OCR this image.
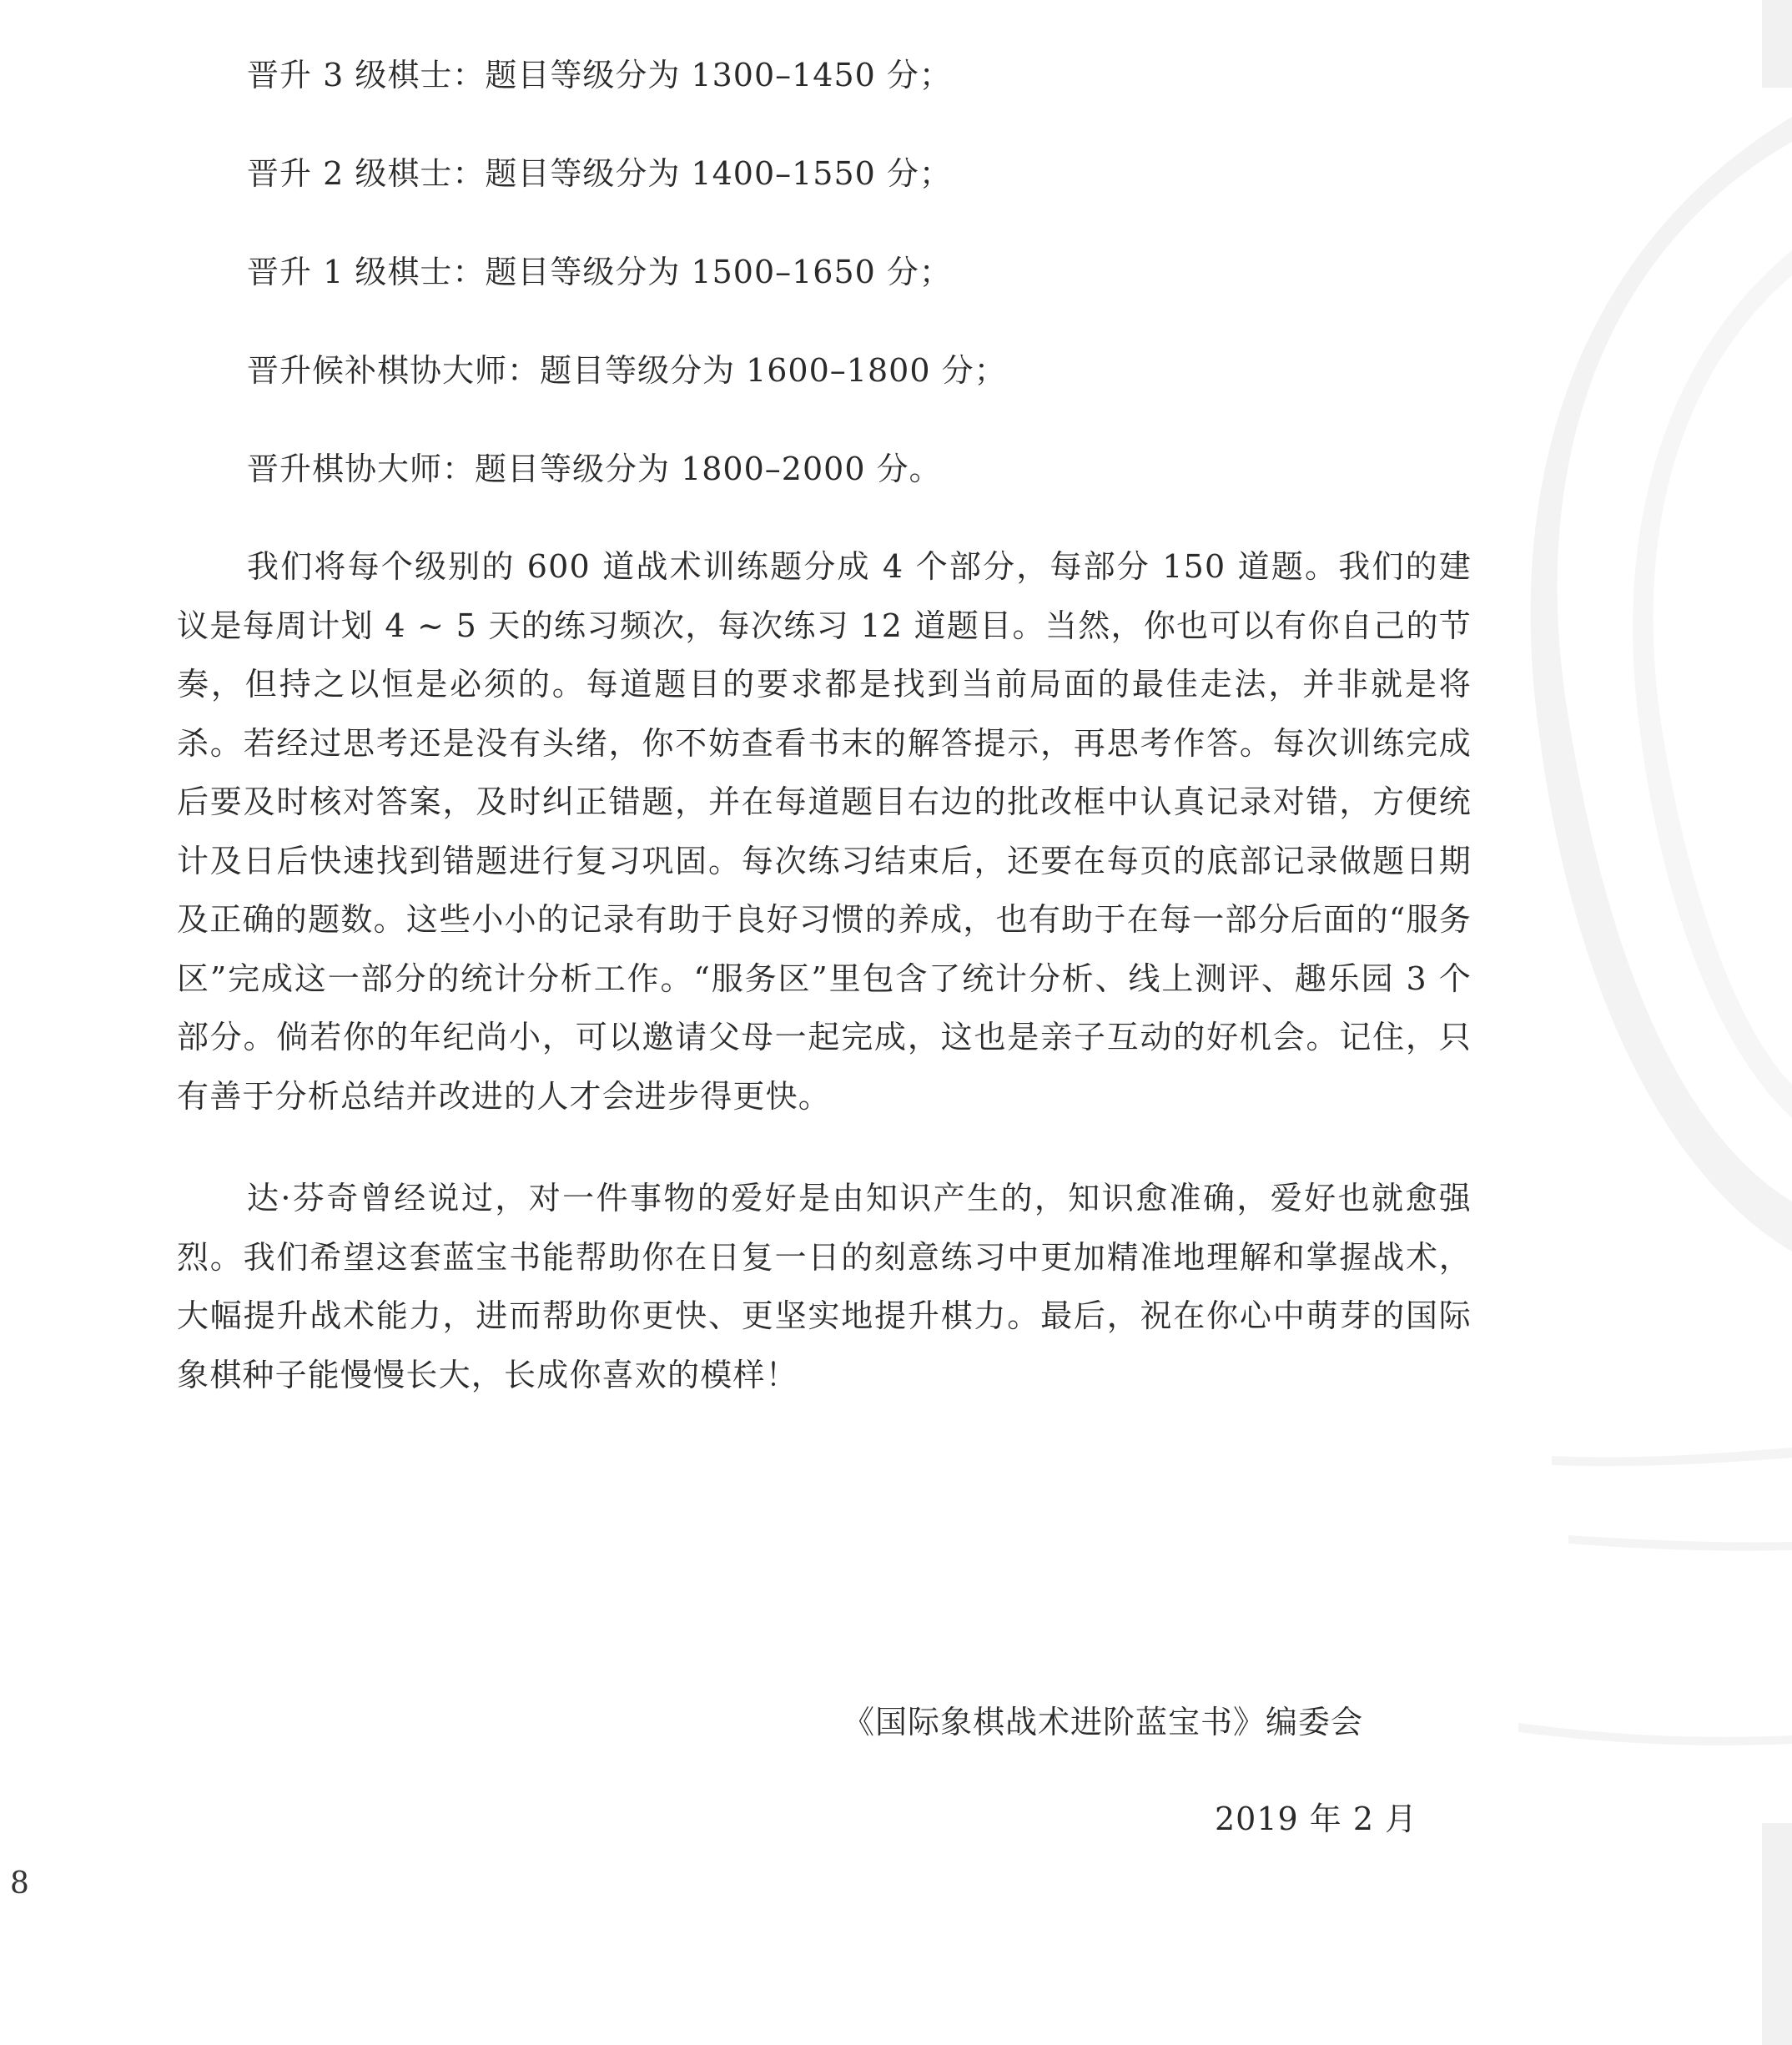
晋升 3 级棋士：题目等级分为 1300–1450 分；
晋升 2 级棋士：题目等级分为 1400–1550 分；
晋升 1 级棋士：题目等级分为 1500–1650 分；
晋升候补棋协大师：题目等级分为 1600–1800 分；
晋升棋协大师：题目等级分为 1800–2000 分。

我们将每个级别的 600 道战术训练题分成 4 个部分，每部分 150 道题。我们的建议是每周计划 4 ~ 5 天的练习频次，每次练习 12 道题目。当然，你也可以有你自己的节奏，但持之以恒是必须的。每道题目的要求都是找到当前局面的最佳走法，并非就是将杀。若经过思考还是没有头绪，你不妨查看书末的解答提示，再思考作答。每次训练完成后要及时核对答案，及时纠正错题，并在每道题目右边的批改框中认真记录对错，方便统计及日后快速找到错题进行复习巩固。每次练习结束后，还要在每页的底部记录做题日期及正确的题数。这些小小的记录有助于良好习惯的养成，也有助于在每一部分后面的“服务区”完成这一部分的统计分析工作。“服务区”里包含了统计分析、线上测评、趣乐园 3 个部分。倘若你的年纪尚小，可以邀请父母一起完成，这也是亲子互动的好机会。记住，只有善于分析总结并改进的人才会进步得更快。

达·芬奇曾经说过，对一件事物的爱好是由知识产生的，知识愈准确，爱好也就愈强烈。我们希望这套蓝宝书能帮助你在日复一日的刻意练习中更加精准地理解和掌握战术，大幅提升战术能力，进而帮助你更快、更坚实地提升棋力。最后，祝在你心中萌芽的国际象棋种子能慢慢长大，长成你喜欢的模样！

《国际象棋战术进阶蓝宝书》编委会
2019 年 2 月
8
